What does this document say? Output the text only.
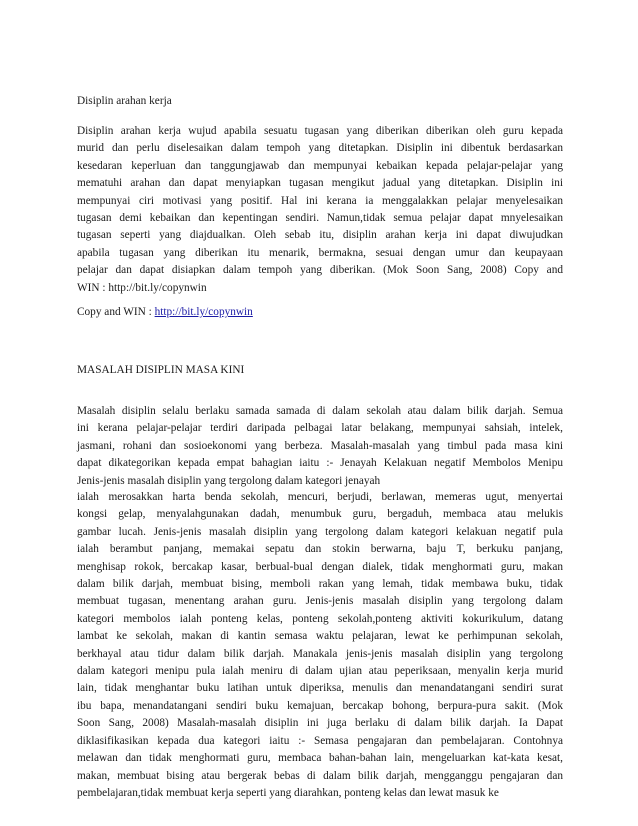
Disiplin arahan kerja
Disiplin arahan kerja wujud apabila sesuatu tugasan yang diberikan diberikan oleh guru kepada
murid dan perlu diselesaikan dalam tempoh yang ditetapkan. Disiplin ini dibentuk berdasarkan
kesedaran keperluan dan tanggungjawab dan mempunyai kebaikan kepada pelajar-pelajar yang
mematuhi arahan dan dapat menyiapkan tugasan mengikut jadual yang ditetapkan. Disiplin ini
mempunyai ciri motivasi yang positif. Hal ini kerana ia menggalakkan pelajar menyelesaikan
tugasan demi kebaikan dan kepentingan sendiri. Namun,tidak semua pelajar dapat mnyelesaikan
tugasan seperti yang diajdualkan. Oleh sebab itu, disiplin arahan kerja ini dapat diwujudkan
apabila tugasan yang diberikan itu menarik, bermakna, sesuai dengan umur dan keupayaan
pelajar dan dapat disiapkan dalam tempoh yang diberikan. (Mok Soon Sang, 2008) Copy and
WIN : http://bit.ly/copynwin
Copy and WIN : http://bit.ly/copynwin
MASALAH DISIPLIN MASA KINI
Masalah disiplin selalu berlaku samada samada di dalam sekolah atau dalam bilik darjah. Semua
ini kerana pelajar-pelajar terdiri daripada pelbagai latar belakang, mempunyai sahsiah, intelek,
jasmani, rohani dan sosioekonomi yang berbeza. Masalah-masalah yang timbul pada masa kini
dapat dikategorikan kepada empat bahagian iaitu :- Jenayah Kelakuan negatif Membolos Menipu
Jenis-jenis masalah disiplin yang tergolong dalam kategori jenayah
ialah merosakkan harta benda sekolah, mencuri, berjudi, berlawan, memeras ugut, menyertai
kongsi gelap, menyalahgunakan dadah, menumbuk guru, bergaduh, membaca atau melukis
gambar lucah. Jenis-jenis masalah disiplin yang tergolong dalam kategori kelakuan negatif pula
ialah berambut panjang, memakai sepatu dan stokin berwarna, baju T, berkuku panjang,
menghisap rokok, bercakap kasar, berbual-bual dengan dialek, tidak menghormati guru, makan
dalam bilik darjah, membuat bising, memboli rakan yang lemah, tidak membawa buku, tidak
membuat tugasan, menentang arahan guru. Jenis-jenis masalah disiplin yang tergolong dalam
kategori membolos ialah ponteng kelas, ponteng sekolah,ponteng aktiviti kokurikulum, datang
lambat ke sekolah, makan di kantin semasa waktu pelajaran, lewat ke perhimpunan sekolah,
berkhayal atau tidur dalam bilik darjah. Manakala jenis-jenis masalah disiplin yang tergolong
dalam kategori menipu pula ialah meniru di dalam ujian atau peperiksaan, menyalin kerja murid
lain, tidak menghantar buku latihan untuk diperiksa, menulis dan menandatangani sendiri surat
ibu bapa, menandatangani sendiri buku kemajuan, bercakap bohong, berpura-pura sakit. (Mok
Soon Sang, 2008) Masalah-masalah disiplin ini juga berlaku di dalam bilik darjah. Ia Dapat
diklasifikasikan kepada dua kategori iaitu :- Semasa pengajaran dan pembelajaran. Contohnya
melawan dan tidak menghormati guru, membaca bahan-bahan lain, mengeluarkan kat-kata kesat,
makan, membuat bising atau bergerak bebas di dalam bilik darjah, mengganggu pengajaran dan
pembelajaran,tidak membuat kerja seperti yang diarahkan, ponteng kelas dan lewat masuk ke
